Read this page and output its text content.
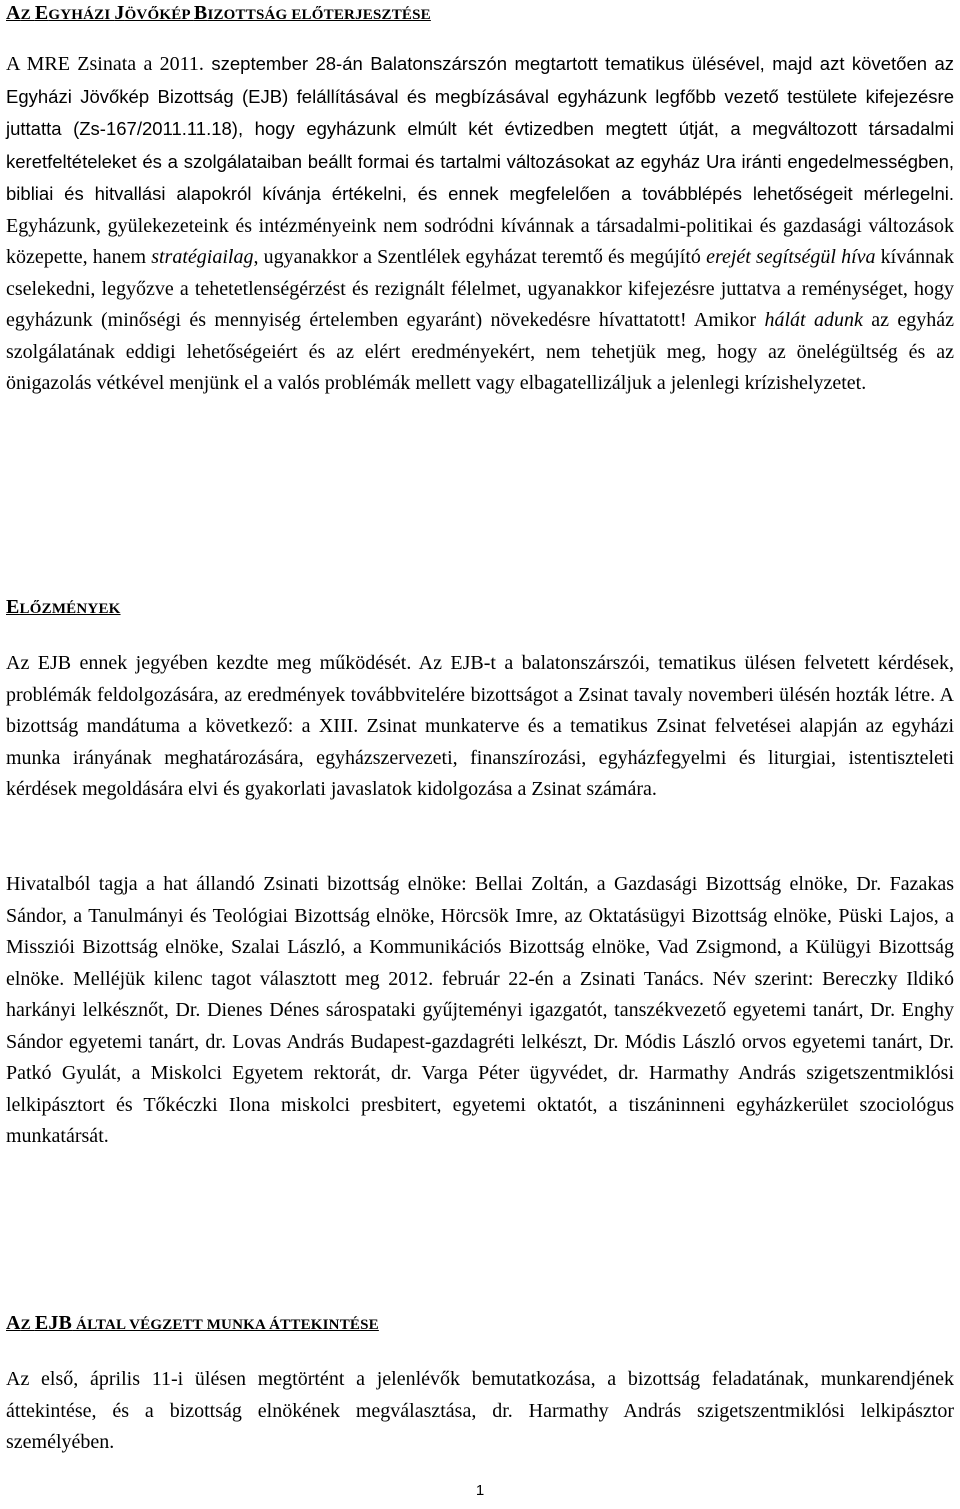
AZ EGYHÁZI JÖVŐKÉP BIZOTTSÁG ELŐTERJESZTÉSE

A MRE Zsinata a 2011. szeptember 28-án Balatonszárszón megtartott tematikus ülésével, majd azt követően az Egyházi Jövőkép Bizottság (EJB) felállításával és megbízásával egyházunk legfőbb vezető testülete kifejezésre juttatta (Zs-167/2011.11.18), hogy egyházunk elmúlt két évtizedben megtett útját, a megváltozott társadalmi keretfeltételeket és a szolgálataiban beállt formai és tartalmi változásokat az egyház Ura iránti engedelmességben, bibliai és hitvallási alapokról kívánja értékelni, és ennek megfelelően a továbblépés lehetőségeit mérlegelni. Egyházunk, gyülekezeteink és intézményeink nem sodródni kívánnak a társadalmi-politikai és gazdasági változások közepette, hanem stratégiailag, ugyanakkor a Szentlélek egyházat teremtő és megújító erejét segítségül híva kívánnak cselekedni, legyőzve a tehetetlenségérzést és rezignált félelmet, ugyanakkor kifejezésre juttatva a reménységet, hogy egyházunk (minőségi és mennyiség értelemben egyaránt) növekedésre hívattatott! Amikor hálát adunk az egyház szolgálatának eddigi lehetőségeiért és az elért eredményekért, nem tehetjük meg, hogy az önelégültség és az önigazolás vétkével menjünk el a valós problémák mellett vagy elbagatellizáljuk a jelenlegi krízishelyzetet.

ELŐZMÉNYEK

Az EJB ennek jegyében kezdte meg működését. Az EJB-t a balatonszárszói, tematikus ülésen felvetett kérdések, problémák feldolgozására, az eredmények továbbvitelére bizottságot a Zsinat tavaly novemberi ülésén hozták létre. A bizottság mandátuma a következő: a XIII. Zsinat munkaterve és a tematikus Zsinat felvetései alapján az egyházi munka irányának meghatározására, egyházszervezeti, finanszírozási, egyházfegyelmi és liturgiai, istentiszteleti kérdések megoldására elvi és gyakorlati javaslatok kidolgozása a Zsinat számára.

Hivatalból tagja a hat állandó Zsinati bizottság elnöke: Bellai Zoltán, a Gazdasági Bizottság elnöke, Dr. Fazakas Sándor, a Tanulmányi és Teológiai Bizottság elnöke, Hörcsök Imre, az Oktatásügyi Bizottság elnöke, Püski Lajos, a Missziói Bizottság elnöke, Szalai László, a Kommunikációs Bizottság elnöke, Vad Zsigmond, a Külügyi Bizottság elnöke. Melléjük kilenc tagot választott meg 2012. február 22-én a Zsinati Tanács. Név szerint: Bereczky Ildikó harkányi lelkésznőt, Dr. Dienes Dénes sárospataki gyűjteményi igazgatót, tanszékvezető egyetemi tanárt, Dr. Enghy Sándor egyetemi tanárt, dr. Lovas András Budapest-gazdagréti lelkészt, Dr. Módis László orvos egyetemi tanárt, Dr. Patkó Gyulát, a Miskolci Egyetem rektorát, dr. Varga Péter ügyvédet, dr. Harmathy András szigetszentmiklósi lelkipásztort és Tőkéczki Ilona miskolci presbitert, egyetemi oktatót, a tiszáninneni egyházkerület szociológus munkatársát.

AZ EJB ÁLTAL VÉGZETT MUNKA ÁTTEKINTÉSE

Az első, április 11-i ülésen megtörtént a jelenlévők bemutatkozása, a bizottság feladatának, munkarendjének áttekintése, és a bizottság elnökének megválasztása, dr. Harmathy András szigetszentmiklósi lelkipásztor személyében.

1
